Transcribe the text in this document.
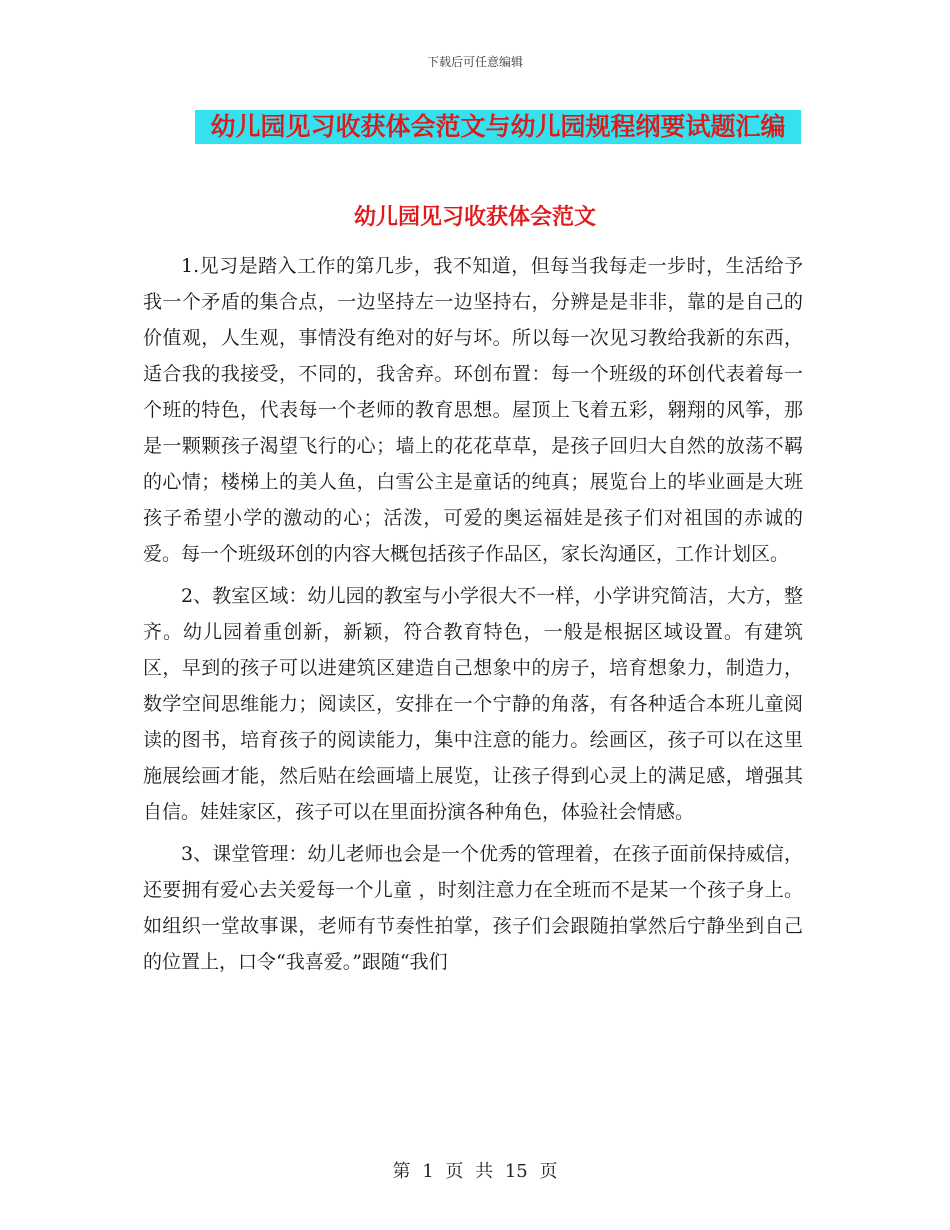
下载后可任意编辑
幼儿园见习收获体会范文与幼儿园规程纲要试题汇编
幼儿园见习收获体会范文

1.见习是踏入工作的第几步，我不知道，但每当我每走一步时，生活给予我一个矛盾的集合点，一边坚持左一边坚持右，分辨是是非非，靠的是自己的价值观，人生观，事情没有绝对的好与坏。所以每一次见习教给我新的东西，适合我的我接受，不同的，我舍弃。环创布置：每一个班级的环创代表着每一个班的特色，代表每一个老师的教育思想。屋顶上飞着五彩，翱翔的风筝，那是一颗颗孩子渴望飞行的心；墙上的花花草草，是孩子回归大自然的放荡不羁的心情；楼梯上的美人鱼，白雪公主是童话的纯真；展览台上的毕业画是大班孩子希望小学的激动的心；活泼，可爱的奥运福娃是孩子们对祖国的赤诚的爱。每一个班级环创的内容大概包括孩子作品区，家长沟通区，工作计划区。

2、教室区域：幼儿园的教室与小学很大不一样，小学讲究简洁，大方，整齐。幼儿园着重创新，新颖，符合教育特色，一般是根据区域设置。有建筑区，早到的孩子可以进建筑区建造自己想象中的房子，培育想象力，制造力，数学空间思维能力；阅读区，安排在一个宁静的角落，有各种适合本班儿童阅读的图书，培育孩子的阅读能力，集中注意的能力。绘画区，孩子可以在这里施展绘画才能，然后贴在绘画墙上展览，让孩子得到心灵上的满足感，增强其自信。娃娃家区，孩子可以在里面扮演各种角色，体验社会情感。

3、课堂管理：幼儿老师也会是一个优秀的管理着，在孩子面前保持威信，还要拥有爱心去关爱每一个儿童 ，时刻注意力在全班而不是某一个孩子身上。如组织一堂故事课，老师有节奏性拍掌，孩子们会跟随拍掌然后宁静坐到自己的位置上，口令“我喜爱。”跟随“我们

第 1 页 共 15 页
